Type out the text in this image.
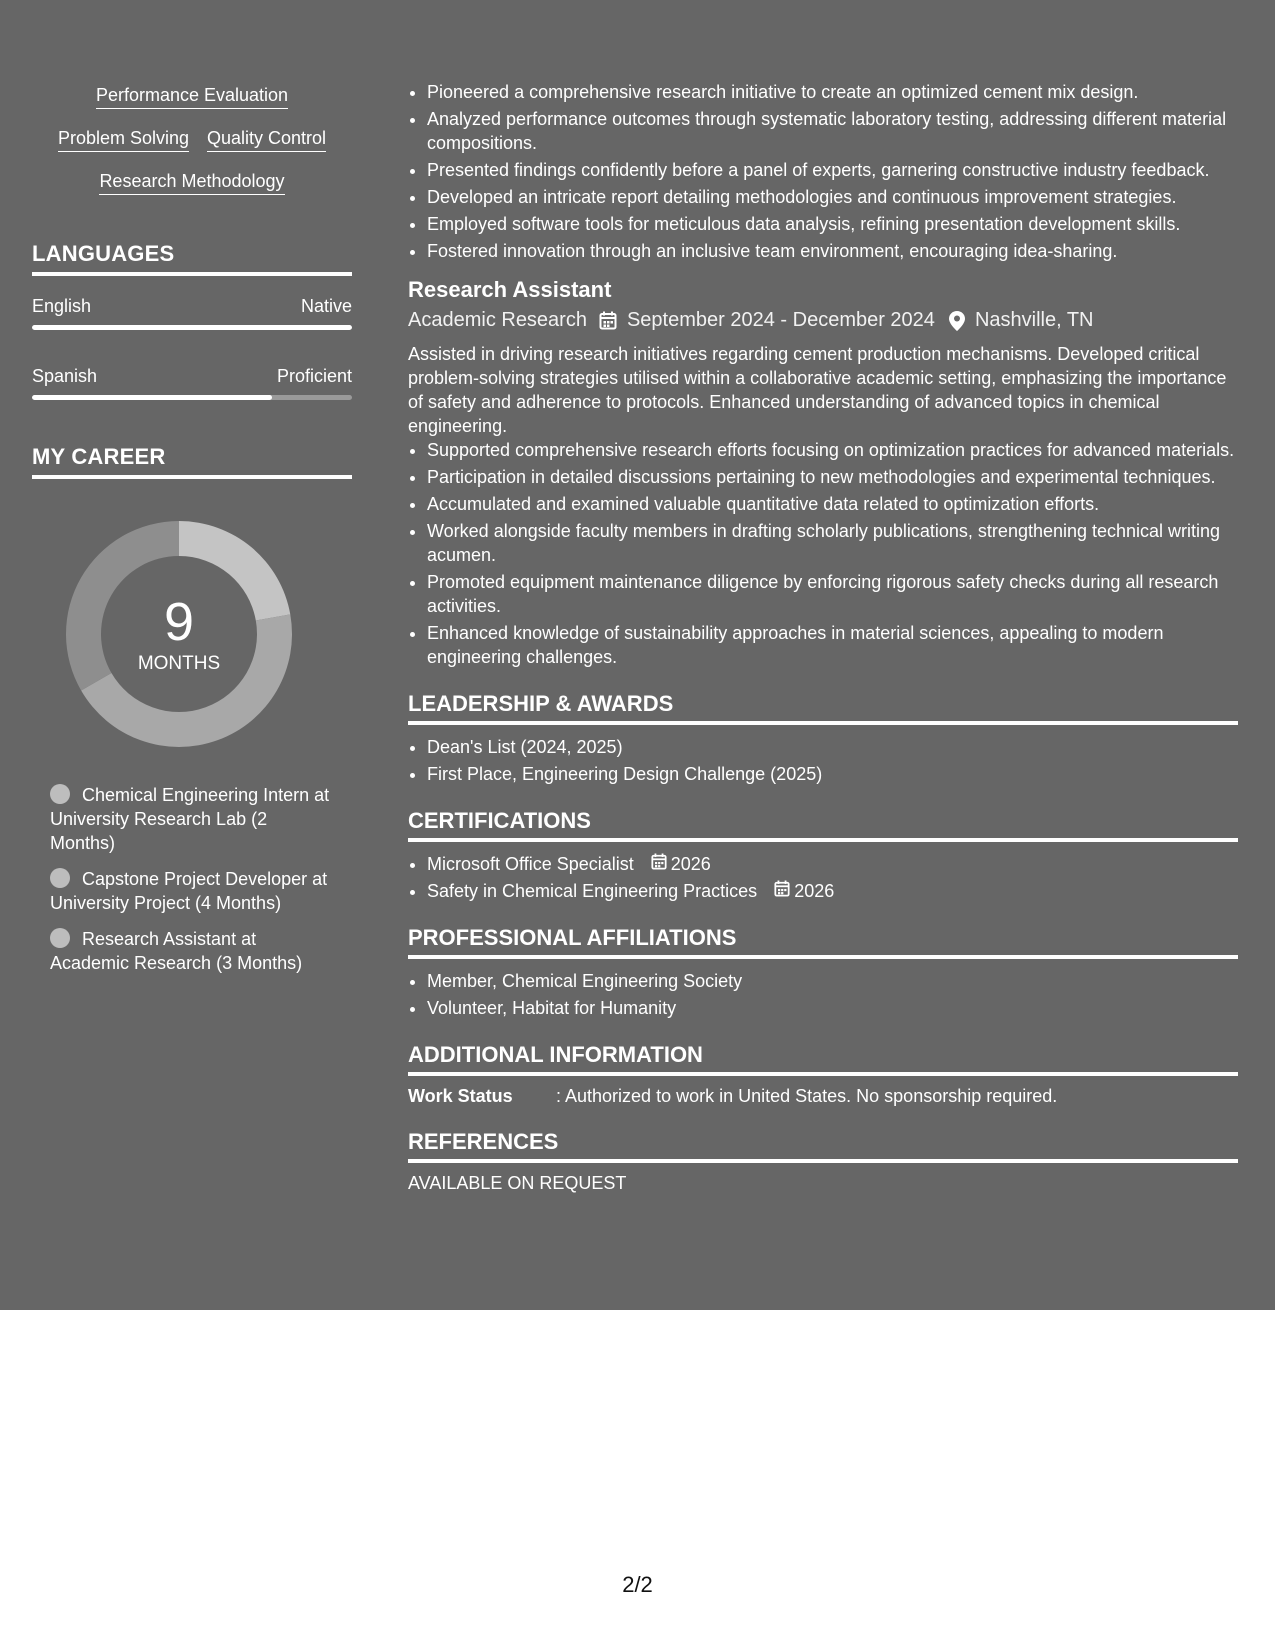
Performance Evaluation
Problem Solving Quality Control
Research Methodology
LANGUAGES
English	Native
Spanish	Proficient
MY CAREER
9
MONTHS
Chemical Engineering Intern at University Research Lab (2 Months)
Capstone Project Developer at University Project (4 Months)
Research Assistant at Academic Research (3 Months)
• Pioneered a comprehensive research initiative to create an optimized cement mix design.
• Analyzed performance outcomes through systematic laboratory testing, addressing different material compositions.
• Presented findings confidently before a panel of experts, garnering constructive industry feedback.
• Developed an intricate report detailing methodologies and continuous improvement strategies.
• Employed software tools for meticulous data analysis, refining presentation development skills.
• Fostered innovation through an inclusive team environment, encouraging idea-sharing.
Research Assistant
Academic Research September 2024 - December 2024 Nashville, TN
Assisted in driving research initiatives regarding cement production mechanisms. Developed critical problem-solving strategies utilised within a collaborative academic setting, emphasizing the importance of safety and adherence to protocols. Enhanced understanding of advanced topics in chemical engineering.
• Supported comprehensive research efforts focusing on optimization practices for advanced materials.
• Participation in detailed discussions pertaining to new methodologies and experimental techniques.
• Accumulated and examined valuable quantitative data related to optimization efforts.
• Worked alongside faculty members in drafting scholarly publications, strengthening technical writing acumen.
• Promoted equipment maintenance diligence by enforcing rigorous safety checks during all research activities.
• Enhanced knowledge of sustainability approaches in material sciences, appealing to modern engineering challenges.
LEADERSHIP & AWARDS
• Dean's List (2024, 2025)
• First Place, Engineering Design Challenge (2025)
CERTIFICATIONS
• Microsoft Office Specialist 2026
• Safety in Chemical Engineering Practices 2026
PROFESSIONAL AFFILIATIONS
• Member, Chemical Engineering Society
• Volunteer, Habitat for Humanity
ADDITIONAL INFORMATION
Work Status	: Authorized to work in United States. No sponsorship required.
REFERENCES
AVAILABLE ON REQUEST
2/2
